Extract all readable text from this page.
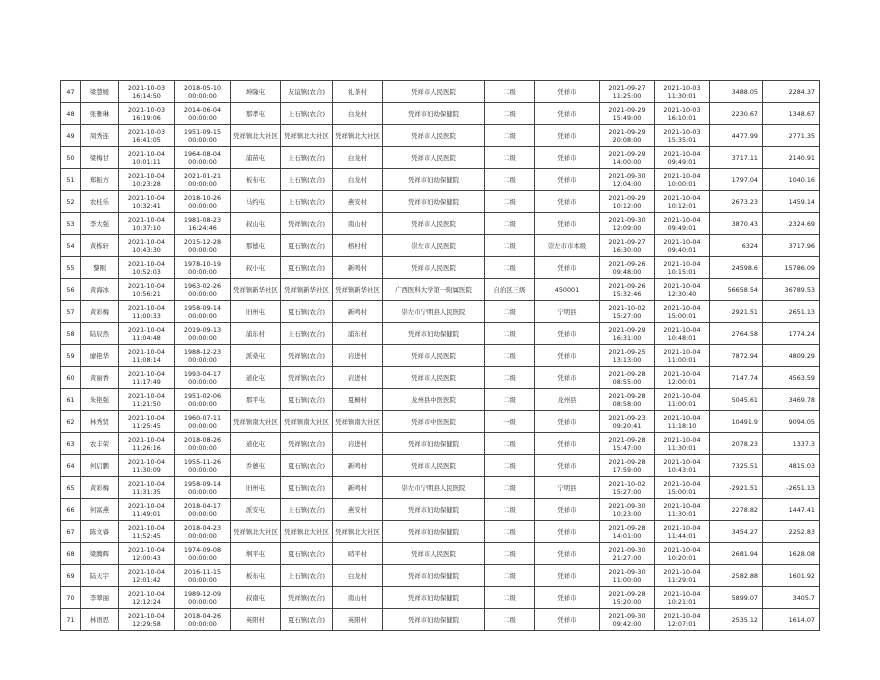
47	梁慧媛	2021-10-03
16:14:50	2018-05-10
00:00:00	坤隆屯	友谊镇(农合)	礼茶村	凭祥市人民医院	二级	凭祥市	2021-09-27
11:25:00	2021-10-03
11:30:01	3488.05	2284.37
48	张雅琳	2021-10-03
16:19:06	2014-06-04
00:00:00	那孝屯	上石镇(农合)	白龙村	凭祥市妇幼保健院	二级	凭祥市	2021-09-29
15:49:00	2021-10-03
16:10:01	2230.67	1348.67
49	周秀连	2021-10-03
16:41:05	1951-09-15
00:00:00	凭祥镇北大社区	凭祥镇北大社区	凭祥镇北大社区	凭祥市人民医院	二级	凭祥市	2021-09-29
20:08:00	2021-10-03
15:35:01	4477.99	2771.35
50	梁梅甘	2021-10-04
10:01:11	1964-08-04
00:00:00	浦苗屯	上石镇(农合)	白龙村	凭祥市人民医院	二级	凭祥市	2021-09-29
14:00:00	2021-10-04
09:49:01	3717.11	2140.91
51	郑振方	2021-10-04
10:23:28	2021-01-21
00:00:00	板布屯	上石镇(农合)	白龙村	凭祥市妇幼保健院	二级	凭祥市	2021-09-30
12:04:00	2021-10-04
10:00:01	1797.04	1040.16
52	农桂乐	2021-10-04
10:32:41	2018-10-26
00:00:00	马约屯	上石镇(农合)	燕安村	凭祥市妇幼保健院	二级	凭祥市	2021-09-29
10:12:00	2021-10-04
10:12:01	2673.23	1459.14
53	李大强	2021-10-04
10:37:10	1981-08-23
16:24:46	叔山屯	凭祥镇(农合)	南山村	凭祥市人民医院	二级	凭祥市	2021-09-30
12:09:00	2021-10-04
09:49:01	3870.43	2324.69
54	黄栋轩	2021-10-04
10:43:30	2015-12-28
00:00:00	那德屯	夏石镇(农合)	榕村村	崇左市人民医院	二级	崇左市市本级	2021-09-27
16:30:00	2021-10-04
09:40:01	6324	3717.96
55	黎刚	2021-10-04
10:52:03	1978-10-19
00:00:00	叔小屯	夏石镇(农合)	新鸣村	凭祥市人民医院	二级	凭祥市	2021-09-26
09:48:00	2021-10-04
10:15:01	24598.6	15786.09
56	黄海冰	2021-10-04
10:56:21	1963-02-26
00:00:00	凭祥镇新华社区	凭祥镇新华社区	凭祥镇新华社区	广西医科大学第一附属医院	自治区三级	450001	2021-09-26
15:32:46	2021-10-04
12:30:40	56658.54	36789.53
57	黄彩梅	2021-10-04
11:00:33	1958-09-14
00:00:00	旧州屯	夏石镇(农合)	新鸣村	崇左市宁明县人民医院	二级	宁明县	2021-10-02
15:27:00	2021-10-04
15:00:01	2921.51	2651.13
58	陆辰然	2021-10-04
11:04:48	2019-09-13
00:00:00	浦东村	上石镇(农合)	浦东村	凭祥市妇幼保健院	二级	凭祥市	2021-09-29
16:31:00	2021-10-04
10:48:01	2764.58	1774.24
59	廖艳华	2021-10-04
11:08:14	1988-12-23
00:00:00	派桑屯	凭祥镇(农合)	岩进村	凭祥市人民医院	二级	凭祥市	2021-09-25
13:13:00	2021-10-04
11:00:01	7872.94	4809.29
60	黄丽香	2021-10-04
11:17:49	1993-04-17
00:00:00	道化屯	凭祥镇(农合)	岩进村	凭祥市人民医院	二级	凭祥市	2021-09-28
08:55:00	2021-10-04
12:00:01	7147.74	4563.59
61	朱艳强	2021-10-04
11:21:50	1951-02-06
00:00:00	那平屯	夏石镇(农合)	夏桐村	龙州县中医医院	二级	龙州县	2021-09-28
08:58:00	2021-10-04
11:00:01	5045.61	3469.78
62	林秀贤	2021-10-04
11:25:45	1960-07-11
00:00:00	凭祥镇南大社区	凭祥镇南大社区	凭祥镇南大社区	凭祥市中医医院	一级	凭祥市	2021-09-23
09:20:41	2021-10-04
11:18:10	10491.9	9094.05
63	农丰荣	2021-10-04
11:26:16	2018-08-26
00:00:00	道化屯	凭祥镇(农合)	岩进村	凭祥市妇幼保健院	二级	凭祥市	2021-09-28
15:47:00	2021-10-04
11:30:01	2078.23	1337.3
64	何启鹏	2021-10-04
11:30:09	1955-11-26
00:00:00	乔蒽屯	夏石镇(农合)	新鸣村	凭祥市人民医院	二级	凭祥市	2021-09-28
17:59:00	2021-10-04
10:43:01	7325.51	4815.03
65	黄彩梅	2021-10-04
11:31:35	1958-09-14
00:00:00	旧州屯	夏石镇(农合)	新鸣村	崇左市宁明县人民医院	二级	宁明县	2021-10-02
15:27:00	2021-10-04
15:00:01	-2921.51	-2651.13
66	何富燕	2021-10-04
11:49:01	2018-04-17
00:00:00	派安屯	上石镇(农合)	燕安村	凭祥市妇幼保健院	二级	凭祥市	2021-09-30
10:23:00	2021-10-04
11:30:01	2278.82	1447.41
67	陈文睿	2021-10-04
11:52:45	2018-04-23
00:00:00	凭祥镇北大社区	凭祥镇北大社区	凭祥镇北大社区	凭祥市妇幼保健院	二级	凭祥市	2021-09-28
14:01:00	2021-10-04
11:44:01	3454.27	2252.83
68	梁腾辉	2021-10-04
12:00:43	1974-09-08
00:00:00	坰平屯	夏石镇(农合)	哨平村	凭祥市人民医院	二级	凭祥市	2021-09-30
21:27:00	2021-10-04
10:20:01	2681.94	1628.08
69	陆天宇	2021-10-04
12:01:42	2016-11-15
00:00:00	板布屯	上石镇(农合)	白龙村	凭祥市妇幼保健院	二级	凭祥市	2021-09-30
11:00:00	2021-10-04
11:29:01	2582.88	1601.92
70	李翠丽	2021-10-04
12:12:24	1989-12-09
00:00:00	叔南屯	凭祥镇(农合)	南山村	凭祥市妇幼保健院	二级	凭祥市	2021-09-28
15:20:00	2021-10-04
10:21:01	5899.07	3405.7
71	林语思	2021-10-04
12:29:58	2018-04-26
00:00:00	英阳村	夏石镇(农合)	英阳村	凭祥市妇幼保健院	二级	凭祥市	2021-09-30
09:42:00	2021-10-04
12:07:01	2535.12	1614.07
